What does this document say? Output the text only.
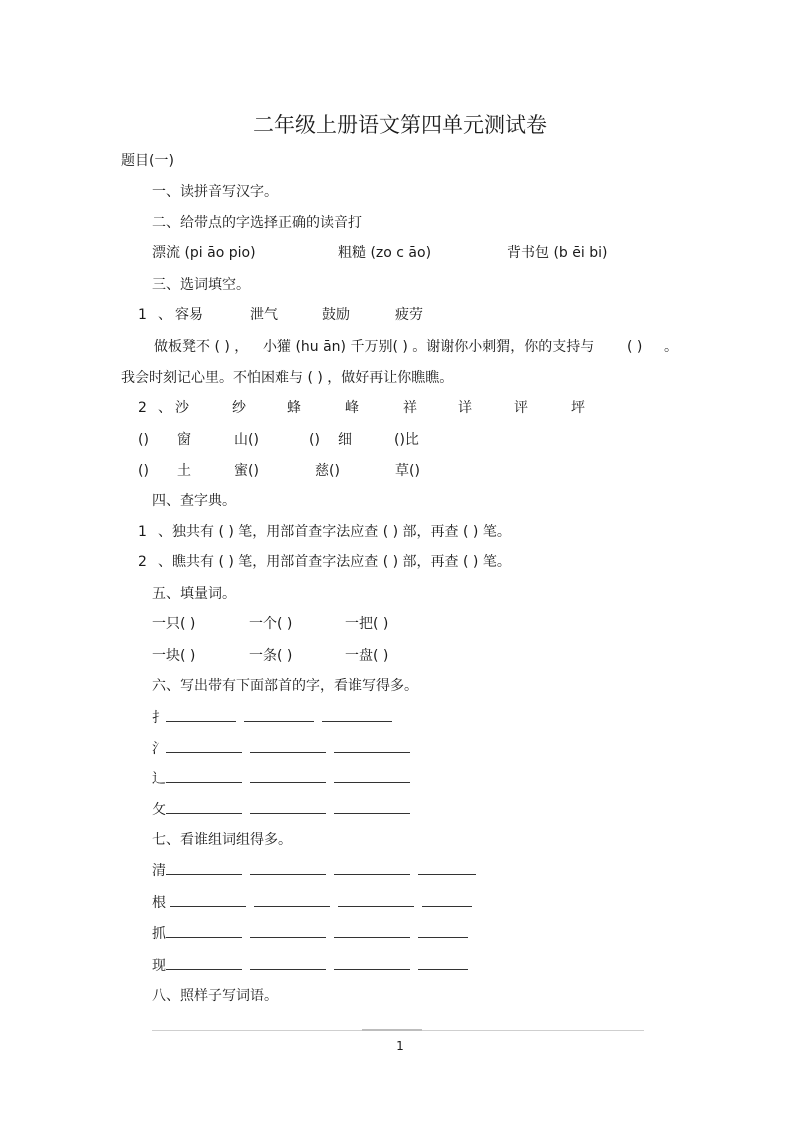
二年级上册语文第四单元测试卷
题目(一)
一、读拼音写汉字。
二、给带点的字选择正确的读音打
漂流 (pi āo pio)	粗糙 (zo c āo)	背书包 (b ēi bi)
三、选词填空。
1 、 容易	泄气	鼓励	疲劳
做板凳不 ( ) ， 小獾 (hu ān) 千万别( ) 。谢谢你小刺猬，你的支持与 ( ) 。
我会时刻记心里。不怕困难与 ( ) ，做好再让你瞧瞧。
2 、 沙	纱	蜂	峰	祥	详	评	坪
() 窗	山()	() 细	()比
() 土	蜜()	慈()	草()
四、查字典。
1 、独共有 ( ) 笔，用部首查字法应查 ( ) 部，再查 ( ) 笔。
2 、瞧共有 ( ) 笔，用部首查字法应查 ( ) 部，再查 ( ) 笔。
五、填量词。
一只( )	一个( )	一把( )
一块( )	一条( )	一盘( )
六、写出带有下面部首的字，看谁写得多。
扌
氵
辶
攵
七、看谁组词组得多。
清
根
抓
现
八、照样子写词语。
1
